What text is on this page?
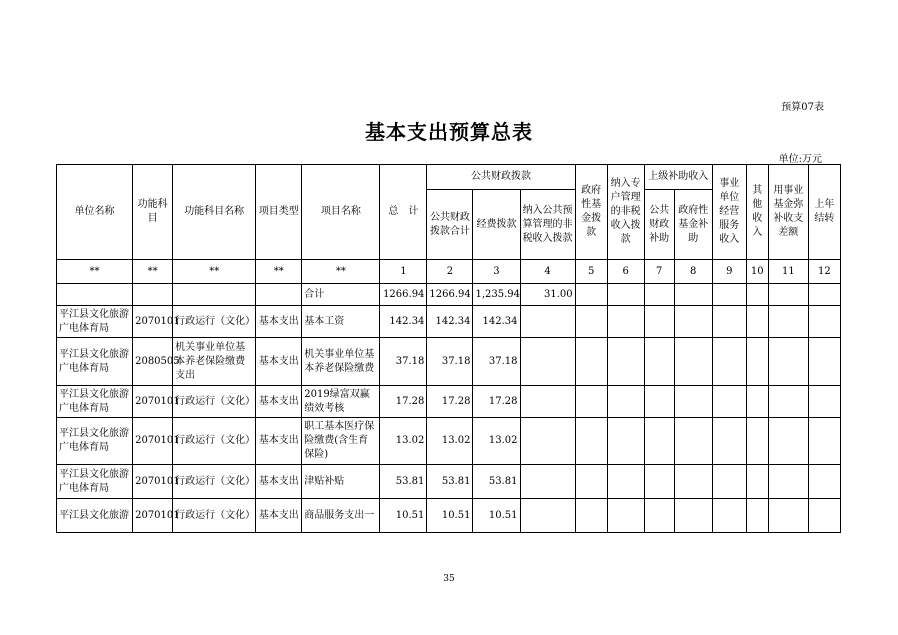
预算07表
基本支出预算总表
单位:万元
单位名称	功能科目	功能科目名称	项目类型	项目名称	总　计	公共财政拨款			政府性基金拨款	纳入专户管理的非税收入拨款	上级补助收入		事业单位经营服务收入	其他收入	用事业基金弥补收支差额	上年结转
						公共财政拨款合计	经费拨款	纳入公共预算管理的非税收入拨款			公共财政补助	政府性基金补助				
**	**	**	**	**	1	2	3	4	5	6	7	8	9	10	11	12
				合计	1266.94	1266.94	1,235.94	31.00								
平江县文化旅游广电体育局	2070101	行政运行（文化）	基本支出	基本工资	142.34	142.34	142.34									
平江县文化旅游广电体育局	2080505	机关事业单位基本养老保险缴费支出	基本支出	机关事业单位基本养老保险缴费	37.18	37.18	37.18									
平江县文化旅游广电体育局	2070101	行政运行（文化）	基本支出	2019绿富双赢绩效考核	17.28	17.28	17.28									
平江县文化旅游广电体育局	2070101	行政运行（文化）	基本支出	职工基本医疗保险缴费(含生育保险)	13.02	13.02	13.02									
平江县文化旅游广电体育局	2070101	行政运行（文化）	基本支出	津贴补贴	53.81	53.81	53.81									
平江县文化旅游	2070101	行政运行（文化）	基本支出	商品服务支出一	10.51	10.51	10.51									
35
